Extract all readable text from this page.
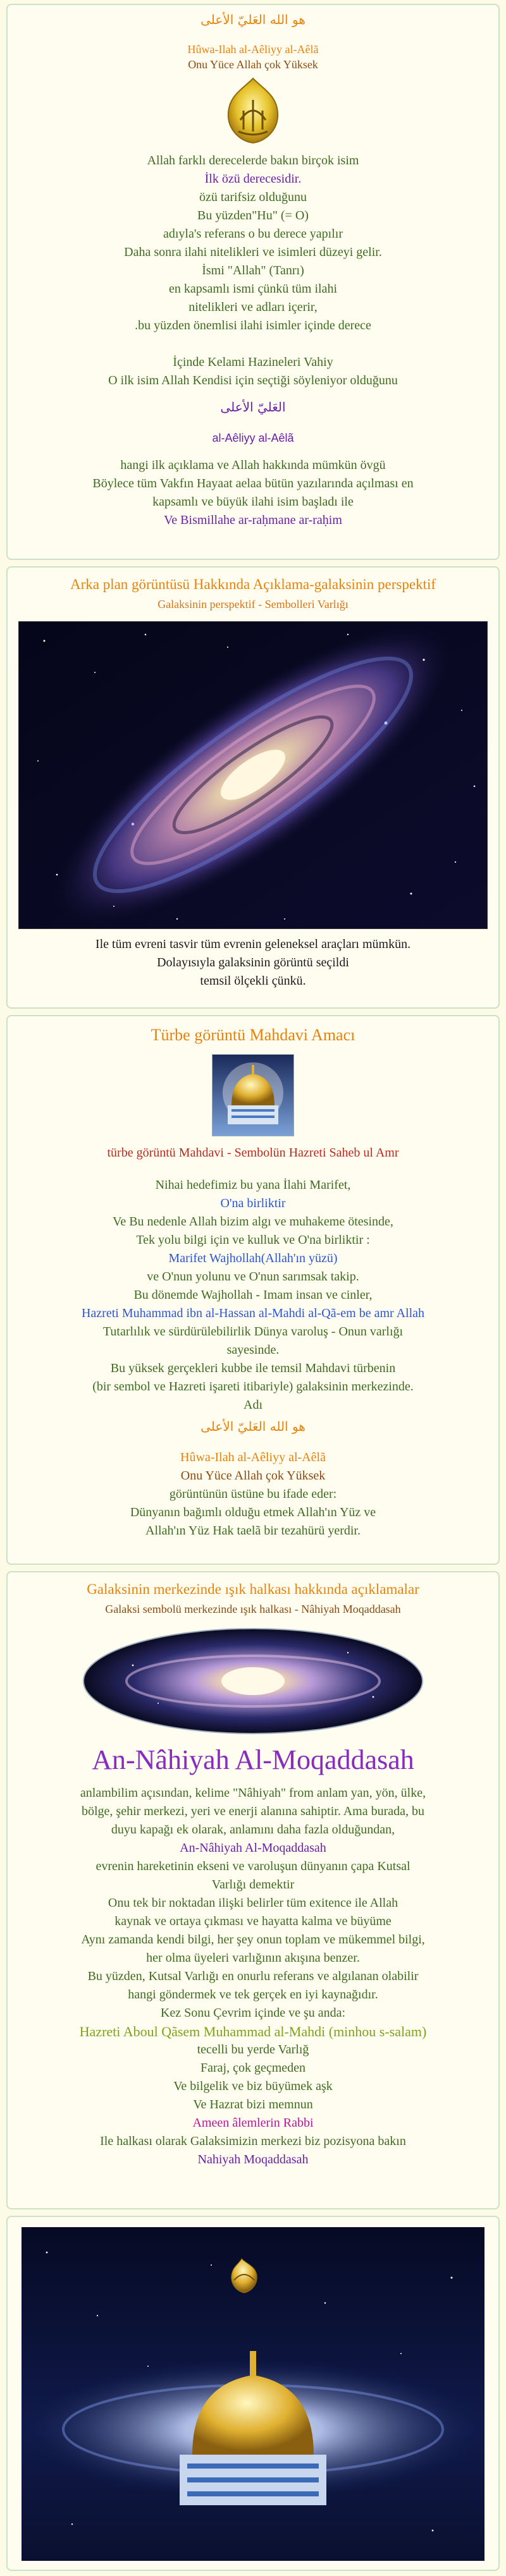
هو الله العَليّ الأعلى

Hûwa-Ilah al-Aêliyy al-Aêlã

Onu Yüce Allah çok Yüksek

Allah farklı derecelerde bakın birçok isim

İlk özü derecesidir.

özü tarifsiz olduğunu

Bu yüzden"Hu" (= O)

adıyla's referans o bu derece yapılır

Daha sonra ilahi nitelikleri ve isimleri düzeyi gelir.

İsmi "Allah" (Tanrı)

en kapsamlı ismi çünkü tüm ilahi

nitelikleri ve adları içerir,

.bu yüzden önemlisi ilahi isimler içinde derece

İçinde Kelami Hazineleri Vahiy

O ilk isim Allah Kendisi için seçtiği söyleniyor olduğunu

العَليّ الأعلى

al-Aêliyy al-Aêlã

hangi ilk açıklama ve Allah hakkında mümkün övgü

Böylece tüm Vakfın Hayaat aelaa bütün yazılarında açılması en

kapsamlı ve büyük ilahi isim başladı ile

Ve Bismillahe ar-raḥmane ar-raḥim

Arka plan görüntüsü Hakkında Açıklama-galaksinin perspektif

Galaksinin perspektif - Sembolleri Varlığı

Ile tüm evreni tasvir tüm evrenin geleneksel araçları mümkün.

Dolayısıyla galaksinin görüntü seçildi

temsil ölçekli çünkü.

Türbe görüntü Mahdavi Amacı

türbe görüntü Mahdavi - Sembolün Hazreti Saheb ul Amr

Nihai hedefimiz bu yana İlahi Marifet,

O'na birliktir

Ve Bu nedenle Allah bizim algı ve muhakeme ötesinde,

Tek yolu bilgi için ve kulluk ve O'na birliktir :

Marifet Wajhollah(Allah'ın yüzü)

ve O'nun yolunu ve O'nun sarımsak takip.

Bu dönemde Wajhollah - Imam insan ve cinler,

Hazreti Muhammad ibn al-Hassan al-Mahdi al-Qã-em be amr Allah

Tutarlılık ve sürdürülebilirlik Dünya varoluş - Onun varlığı

sayesinde.

Bu yüksek gerçekleri kubbe ile temsil Mahdavi türbenin

(bir sembol ve Hazreti işareti itibariyle) galaksinin merkezinde.

Adı

هو الله العَليّ الأعلى

Hûwa-Ilah al-Aêliyy al-Aêlã

Onu Yüce Allah çok Yüksek

görüntünün üstüne bu ifade eder:

Dünyanın bağımlı olduğu etmek Allah'ın Yüz ve

Allah'ın Yüz Hak taelã bir tezahürü yerdir.

Galaksinin merkezinde ışık halkası hakkında açıklamalar

Galaksi sembolü merkezinde ışık halkası - Nâhiyah Moqaddasah

An-Nâhiyah Al-Moqaddasah

anlambilim açısından, kelime "Nâhiyah" from anlam yan, yön, ülke,

bölge, şehir merkezi, yeri ve enerji alanına sahiptir. Ama burada, bu

duyu kapağı ek olarak, anlamını daha fazla olduğundan,

An-Nâhiyah Al-Moqaddasah

evrenin hareketinin ekseni ve varoluşun dünyanın çapa Kutsal

Varlığı demektir

Onu tek bir noktadan ilişki belirler tüm exitence ile Allah

kaynak ve ortaya çıkması ve hayatta kalma ve büyüme

Aynı zamanda kendi bilgi, her şey onun toplam ve mükemmel bilgi,

her olma üyeleri varlığının akışına benzer.

Bu yüzden, Kutsal Varlığı en onurlu referans ve algılanan olabilir

hangi göndermek ve tek gerçek en iyi kaynağıdır.

Kez Sonu Çevrim içinde ve şu anda:

Hazreti Aboul Qãsem Muhammad al-Mahdi (minhou s-salam)

tecelli bu yerde Varlığ

Faraj, çok geçmeden

Ve bilgelik ve biz büyümek aşk

Ve Hazrat bizi memnun

Ameen âlemlerin Rabbi

Ile halkası olarak Galaksimizin merkezi biz pozisyona bakın

Nahiyah Moqaddasah
